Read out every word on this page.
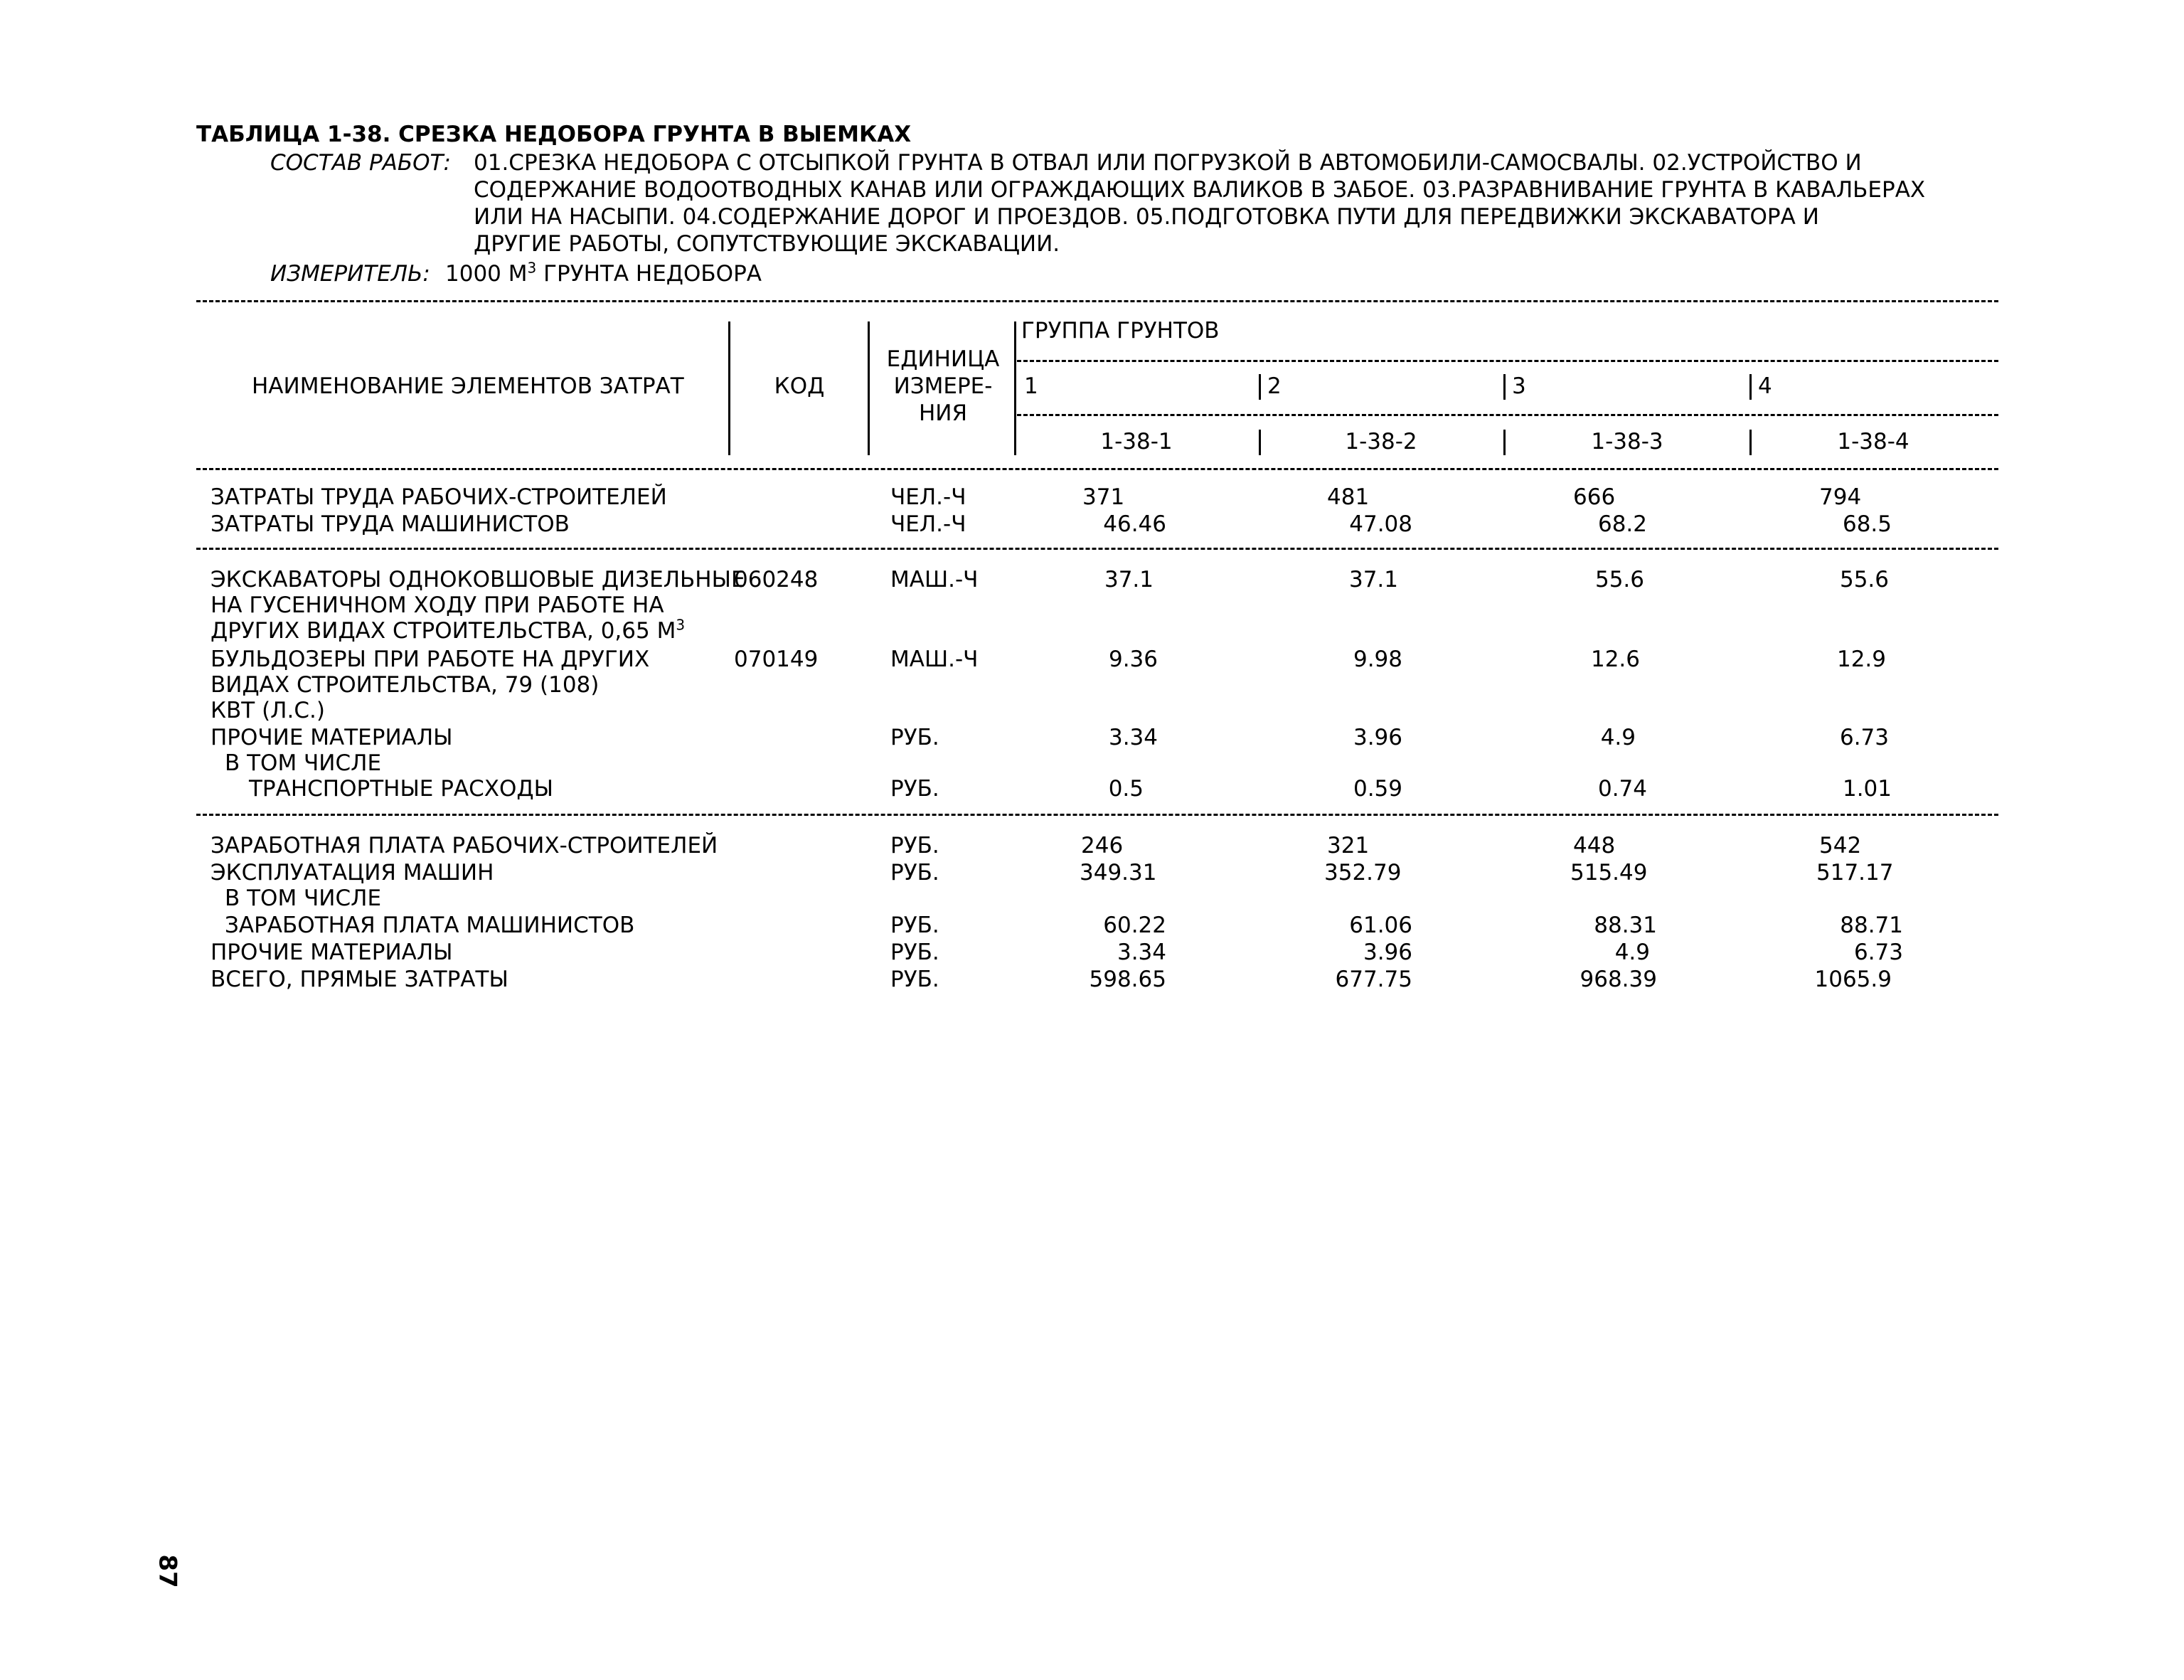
ТАБЛИЦА 1-38. СРЕЗКА НЕДОБОРА ГРУНТА В ВЫЕМКАХ
СОСТАВ РАБОТ: 01.СРЕЗКА НЕДОБОРА С ОТСЫПКОЙ ГРУНТА В ОТВАЛ ИЛИ ПОГРУЗКОЙ В АВТОМОБИЛИ-САМОСВАЛЫ. 02.УСТРОЙСТВО И
СОДЕРЖАНИЕ ВОДООТВОДНЫХ КАНАВ ИЛИ ОГРАЖДАЮЩИХ ВАЛИКОВ В ЗАБОЕ. 03.РАЗРАВНИВАНИЕ ГРУНТА В КАВАЛЬЕРАХ
ИЛИ НА НАСЫПИ. 04.СОДЕРЖАНИЕ ДОРОГ И ПРОЕЗДОВ. 05.ПОДГОТОВКА ПУТИ ДЛЯ ПЕРЕДВИЖКИ ЭКСКАВАТОРА И
ДРУГИЕ РАБОТЫ, СОПУТСТВУЮЩИЕ ЭКСКАВАЦИИ.
ИЗМЕРИТЕЛЬ: 1000 $М^3$ ГРУНТА НЕДОБОРА
НАИМЕНОВАНИЕ ЭЛЕМЕНТОВ ЗАТРАТ	КОД
ЕДИНИЦА
ИЗМЕРЕ-
НИЯ
ГРУППА ГРУНТОВ
1	2	3	4
1-38-1	1-38-2	1-38-3	1-38-4
ЗАТРАТЫ ТРУДА РАБОЧИХ-СТРОИТЕЛЕЙ	ЧЕЛ.-Ч	371	481	666	794
ЗАТРАТЫ ТРУДА МАШИНИСТОВ	ЧЕЛ.-Ч	46.46	47.08	68.2	68.5
ЭКСКАВАТОРЫ ОДНОКОВШОВЫЕ ДИЗЕЛЬНЫЕ
НА ГУСЕНИЧНОМ ХОДУ ПРИ РАБОТЕ НА
ДРУГИХ ВИДАХ СТРОИТЕЛЬСТВА, 0,65 $М^3$
060248	МАШ.-Ч	37.1	37.1	55.6	55.6
БУЛЬДОЗЕРЫ ПРИ РАБОТЕ НА ДРУГИХ
ВИДАХ СТРОИТЕЛЬСТВА, 79 (108)
КВТ (Л.С.)
070149	МАШ.-Ч	9.36	9.98	12.6	12.9
ПРОЧИЕ МАТЕРИАЛЫ	РУБ.	3.34	3.96	4.9	6.73
В ТОМ ЧИСЛЕ
ТРАНСПОРТНЫЕ РАСХОДЫ	РУБ.	0.5	0.59	0.74	1.01
ЗАРАБОТНАЯ ПЛАТА РАБОЧИХ-СТРОИТЕЛЕЙ	РУБ.	246	321	448	542
ЭКСПЛУАТАЦИЯ МАШИН	РУБ.	349.31	352.79	515.49	517.17
В ТОМ ЧИСЛЕ
ЗАРАБОТНАЯ ПЛАТА МАШИНИСТОВ	РУБ.	60.22	61.06	88.31	88.71
ПРОЧИЕ МАТЕРИАЛЫ	РУБ.	3.34	3.96	4.9	6.73
ВСЕГО, ПРЯМЫЕ ЗАТРАТЫ	РУБ.	598.65	677.75	968.39	1065.9
87
